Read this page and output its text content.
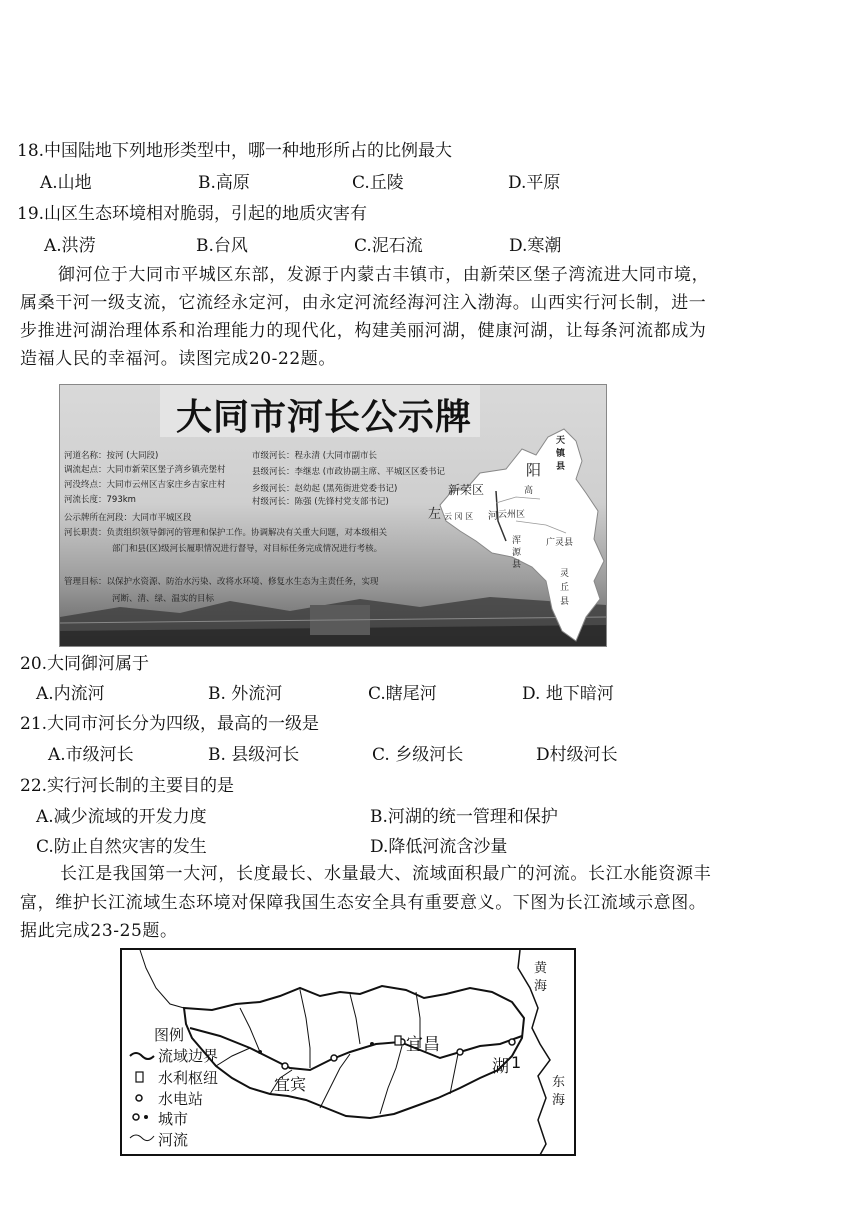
18.中国陆地下列地形类型中，哪一种地形所占的比例最大
A.山地	B.高原	C.丘陵	D.平原
19.山区生态环境相对脆弱，引起的地质灾害有
A.洪涝	B.台风	C.泥石流	D.寒潮
御河位于大同市平城区东部，发源于内蒙古丰镇市，由新荣区堡子湾流进大同市境，
属桑干河一级支流，它流经永定河，由永定河流经海河注入渤海。山西实行河长制，进一
步推进河湖治理体系和治理能力的现代化，构建美丽河湖，健康河湖，让每条河流都成为
造福人民的幸福河。读图完成20-22题。
大同市河长公示牌
河道名称：按河 (大同段)
调流起点：大同市新荣区堡子湾乡镇壳堡村
河没终点：大同市云州区吉家庄乡吉家庄村
河流长度：793km
市级河长：程永清 (大同市副市长
县级河长：李继忠 (市政协副主席、平城区区委书记
乡级河长：赵幼起 (黑苑街进党委书记)
村级河长：陈强 (先锋村党支部书记)
公示牌所在河段：大同市平城区段
河长职责：负责组织领导御河的管理和保护工作。协调解决有关重大问题，对本级相关
部门和县(区)级河长履职情况进行督导，对目标任务完成情况进行考核。
管理目标：以保护水资源、防治水污染、改将水环境、修复水生态为主责任务，实现
河断、清、绿、温实的目标
天镇县
阳
高
新荣区
左 云 冈 区 河 云州区
浑 源 县
广灵县
灵丘县
20.大同御河属于
A.内流河	B. 外流河	C.瞎尾河	D. 地下暗河
21.大同市河长分为四级，最高的一级是
A.市级河长	B. 县级河长	C. 乡级河长	D村级河长
22.实行河长制的主要目的是
A.减少流域的开发力度	B.河湖的统一管理和保护
C.防止自然灾害的发生	D.降低河流含沙量
长江是我国第一大河，长度最长、水量最大、流域面积最广的河流。长江水能资源丰
富，维护长江流域生态环境对保障我国生态安全具有重要意义。下图为长江流域示意图。
据此完成23-25题。
图例
流域边界
水利枢纽
水电站
城市
河流
黄海
东海
宜昌
宜宾
湖 1
